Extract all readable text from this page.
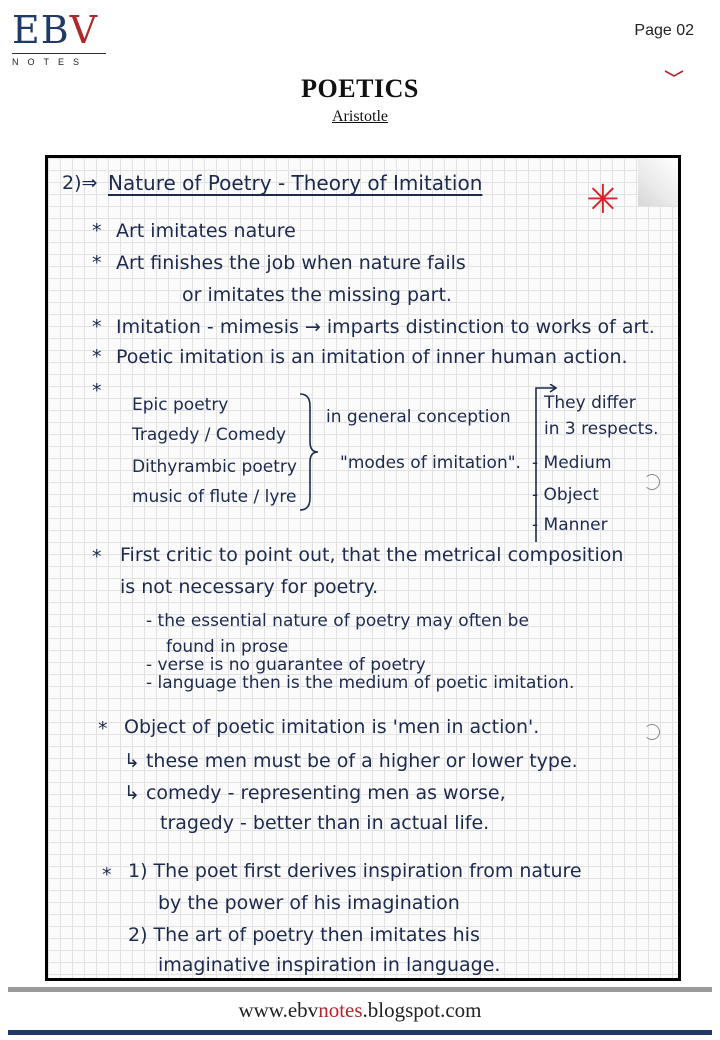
EBV
NOTES
Page 02
POETICS
Aristotle
✳
2)⇒ Nature of Poetry - Theory of Imitation
* Art imitates nature
* Art finishes the job when nature fails
or imitates the missing part.
* Imitation - mimesis → imparts distinction to works of art.
* Poetic imitation is an imitation of inner human action.
*
Epic poetry
Tragedy / Comedy
Dithyrambic poetry
music of flute / lyre
in general conception
"modes of imitation".
They differ
in 3 respects.
- Medium
- Object
- Manner
* First critic to point out, that the metrical composition
is not necessary for poetry.
- the essential nature of poetry may often be
found in prose
- verse is no guarantee of poetry
- language then is the medium of poetic imitation.
* Object of poetic imitation is 'men in action'.
↳ these men must be of a higher or lower type.
↳ comedy - representing men as worse,
tragedy - better than in actual life.
* 1) The poet first derives inspiration from nature
by the power of his imagination
2) The art of poetry then imitates his
imaginative inspiration in language.
www.ebvnotes.blogspot.com
